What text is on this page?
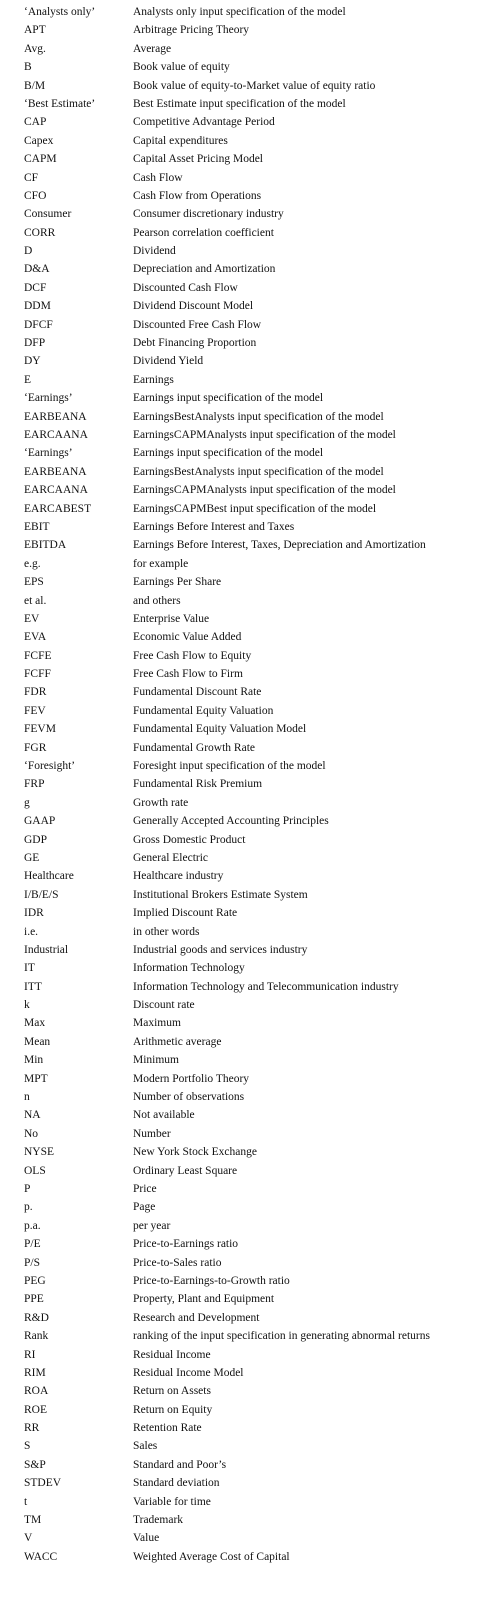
‘Analysts only’	Analysts only input specification of the model
APT	Arbitrage Pricing Theory
Avg.	Average
B	Book value of equity
B/M	Book value of equity-to-Market value of equity ratio
‘Best Estimate’	Best Estimate input specification of the model
CAP	Competitive Advantage Period
Capex	Capital expenditures
CAPM	Capital Asset Pricing Model
CF	Cash Flow
CFO	Cash Flow from Operations
Consumer	Consumer discretionary industry
CORR	Pearson correlation coefficient
D	Dividend
D&A	Depreciation and Amortization
DCF	Discounted Cash Flow
DDM	Dividend Discount Model
DFCF	Discounted Free Cash Flow
DFP	Debt Financing Proportion
DY	Dividend Yield
E	Earnings
‘Earnings’	Earnings input specification of the model
EARBEANA	EarningsBestAnalysts input specification of the model
EARCAANA	EarningsCAPMAnalysts input specification of the model
‘Earnings’	Earnings input specification of the model
EARBEANA	EarningsBestAnalysts input specification of the model
EARCAANA	EarningsCAPMAnalysts input specification of the model
EARCABEST	EarningsCAPMBest input specification of the model
EBIT	Earnings Before Interest and Taxes
EBITDA	Earnings Before Interest, Taxes, Depreciation and Amortization
e.g.	for example
EPS	Earnings Per Share
et al.	and others
EV	Enterprise Value
EVA	Economic Value Added
FCFE	Free Cash Flow to Equity
FCFF	Free Cash Flow to Firm
FDR	Fundamental Discount Rate
FEV	Fundamental Equity Valuation
FEVM	Fundamental Equity Valuation Model
FGR	Fundamental Growth Rate
‘Foresight’	Foresight input specification of the model
FRP	Fundamental Risk Premium
g	Growth rate
GAAP	Generally Accepted Accounting Principles
GDP	Gross Domestic Product
GE	General Electric
Healthcare	Healthcare industry
I/B/E/S	Institutional Brokers Estimate System
IDR	Implied Discount Rate
i.e.	in other words
Industrial	Industrial goods and services industry
IT	Information Technology
ITT	Information Technology and Telecommunication industry
k	Discount rate
Max	Maximum
Mean	Arithmetic average
Min	Minimum
MPT	Modern Portfolio Theory
n	Number of observations
NA	Not available
No	Number
NYSE	New York Stock Exchange
OLS	Ordinary Least Square
P	Price
p.	Page
p.a.	per year
P/E	Price-to-Earnings ratio
P/S	Price-to-Sales ratio
PEG	Price-to-Earnings-to-Growth ratio
PPE	Property, Plant and Equipment
R&D	Research and Development
Rank	ranking of the input specification in generating abnormal returns
RI	Residual Income
RIM	Residual Income Model
ROA	Return on Assets
ROE	Return on Equity
RR	Retention Rate
S	Sales
S&P	Standard and Poor’s
STDEV	Standard deviation
t	Variable for time
TM	Trademark
V	Value
WACC	Weighted Average Cost of Capital
